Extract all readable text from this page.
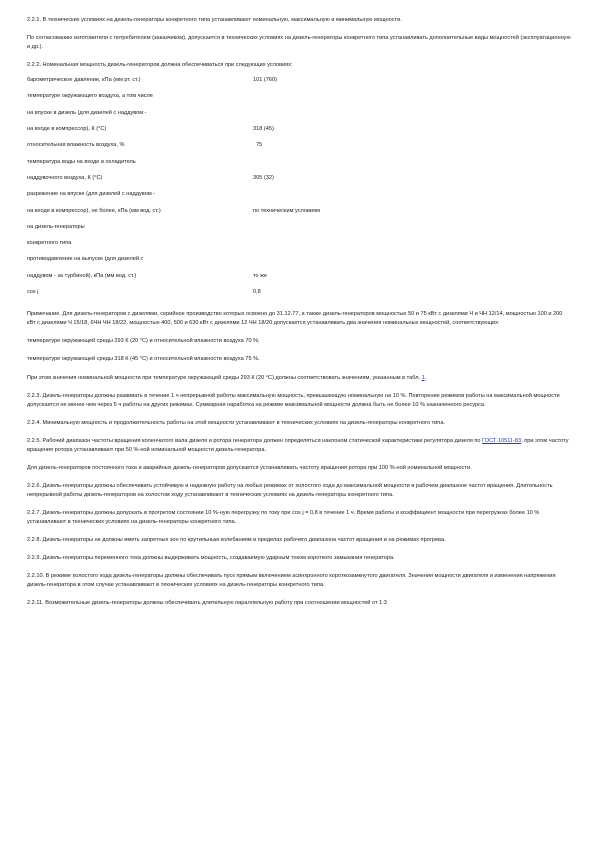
2.2.1. В технических условиях на дизель-генераторы конкретного типа устанавливают номинальную, максимальную и минимальную мощности.

По согласованию изготовителя с потребителем (заказчиком), допускается в технических условиях на дизель-генераторы конкретного типа устанавливать дополнительные виды мощностей (эксплуатационную и др.).

2.2.2. Номинальная мощность дизель-генераторов должна обеспечиваться при следующих условиях:

барометрическое давление, кПа (мм рт. ст.)	101 (760)
температуре окружающего воздуха, а том числе
на впуске в дизель (для дизелей с наддувом -
на входе в компрессор), К (°С)	318 (45)
относительная влажность воздуха, %	75
температура воды на входе в охладитель
наддувочного воздуха, К (°С)	305 (32)
разрежение на впуске (для дизелей с наддувом -
на входе в компрессор), не более, кПа (мм вод. ст.)	по техническим условиям
на дизель-генераторы
конкретного типа
противодавление на выпуске (для дизелей с
наддувом - за турбиной), кПа (мм вод. ст.)	то же
cos j	0,8

Примечание. Для дизель-генераторов с дизелями, серийное производство которых освоено до 31.12.77, а также дизель-генераторов мощностью 50 и 75 кВт с дизелями Ч и ЧН 12/14, мощностью 100 и 200 кВт с дизелями Ч 15/18, 6ЧН ЧН 18/22, мощностью 400, 500 и 630 кВт с дизелями 12 ЧН 18/20 допускается устанавливать два значения номинальных мощностей, соответствующих:

температуре окружающей среды 293 К (20 °С) и относительной влажности воздуха 70 %;

температуре окружающей среды 318 К (45 °С) и относительной влажности воздуха 75 %.

При этом значения номинальной мощности при температуре окружающей среды 293 К (20 °С) должны соответствовать значениям, указанным в табл. 1.

2.2.3. Дизель-генераторы должны развивать в течение 1 ч непрерывной работы максимальную мощность, превышающую номинальную на 10 %. Повторение режимов работы на максимальной мощности допускается не менее чем через 5 ч работы на других режимах. Суммарная наработка на режиме максимальной мощности должна быть не более 10 % назначенного ресурса.

2.2.4. Минимальную мощность и продолжительность работы на этой мощности устанавливают в технических условиях на дизель-генераторы конкретного типа.

2.2.5. Рабочий диапазон частоты вращения коленчатого вала дизеля и ротора генератора должен определяться наклоном статической характеристики регулятора дизеля по ГОСТ 10511-83, при этом частоту вращения ротора устанавливают при 50 %-ной номинальной мощности дизель-генератора.

Для дизель-генераторов постоянного тока и аварийных дизель-генераторов допускается устанавливать частоту вращения ротора при 100 %-ной номинальной мощности.

2.2.6. Дизель-генераторы должны обеспечивать устойчивую и надежную работу на любых режимах от холостого хода до максимальной мощности в рабочем диапазоне частот вращения. Длительность непрерывной работы дизель-генераторов на холостом ходу устанавливают в технических условиях на дизель-генераторы конкретного типа.

2.2.7. Дизель-генераторы должны допускать в прогретом состоянии 10 %-ную перегрузку по току при cos j = 0,8 в течение 1 ч. Время работы и коэффициент мощности при перегрузках более 10 % устанавливают в технических условиях на дизель-генераторы конкретного типа.

2.2.8. Дизель-генераторы не должны иметь запретных зон по крутильным колебаниям в пределах рабочего диапазона частот вращения и на режимах прогрева.

2.2.9. Дизель-генераторы переменного тока должны выдерживать мощность, создаваемую ударным током короткого замыкания генератора.

2.2.10. В режиме холостого хода дизель-генераторы должны обеспечивать пуск прямым включением асинхронного короткозамкнутого двигателя. Значения мощности двигателя и изменения напряжения дизель-генератора в этом случае устанавливают в технических условиях на дизель-генераторы конкретного типа.

2.2.11. Возможительные дизель-генераторы должны обеспечивать длительную параллельную работу при соотношении мощностей от 1:3
